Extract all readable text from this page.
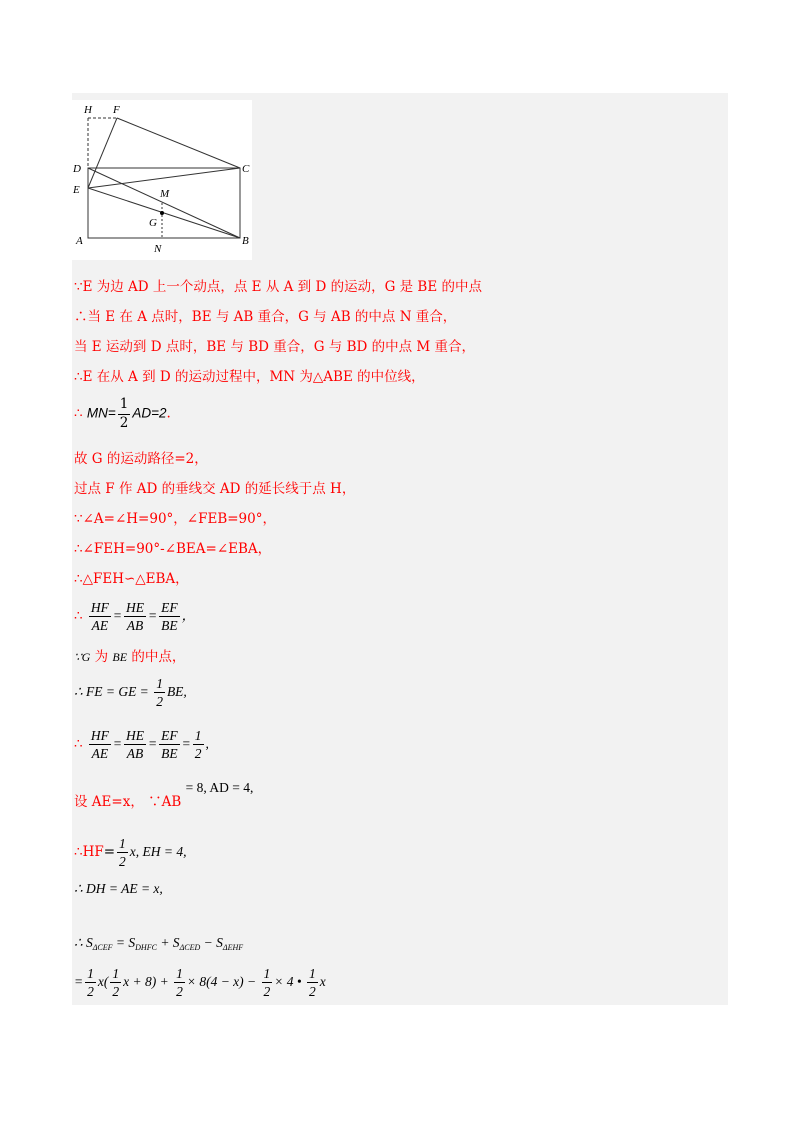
H F
D	C
E	M
G
A
N
B
∵E 为边 AD 上一个动点，点 E 从 A 到 D 的运动，G 是 BE 的中点
∴当 E 在 A 点时，BE 与 AB 重合，G 与 AB 的中点 N 重合，
当 E 运动到 D 点时，BE 与 BD 重合，G 与 BD 的中点 M 重合，
∴E 在从 A 到 D 的运动过程中，MN 为△ABE 的中位线，
∴ $MN= \frac{1}{2} AD=2$.
故 G 的运动路径=2，
过点 F 作 AD 的垂线交 AD 的延长线于点 H，
∵∠A=∠H=90°，∠FEB=90°，
∴∠FEH=90°-∠BEA=∠EBA，
∴△FEH∽△EBA，
∴ $\frac{HF}{AE} = \frac{HE}{AB} = \frac{EF}{BE}$ ，
∵G 为 BE 的中点，
∴ FE = GE = $\frac{1}{2}$ BE,
∴ $\frac{HF}{AE} = \frac{HE}{AB} = \frac{EF}{BE} = \frac{1}{2}$ ,
设 AE=x， ∵AB = 8, AD = 4,
∴HF= $\frac{1}{2} x$, EH = 4,
∴ DH = AE = x,
∴ $S_{\Delta CEF} = S_{DHFC} + S_{\Delta CED} - S_{\Delta EHF}$
= $\frac{1}{2} x( \frac{1}{2}$ $x + 8) + \frac{1}{2} \times 8(4 - x) - \frac{1}{2} \times 4$ • $\frac{1}{2}$ x
